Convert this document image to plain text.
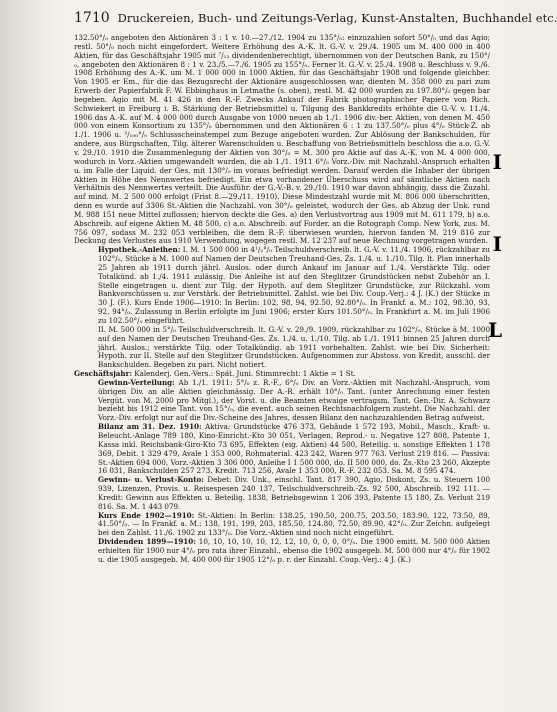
I
I
L
1710 Druckereien, Buch- und Zeitungs-Verlag, Kunst-Anstalten, Buchhandel etc.

132.50°/₀ angeboten den Aktionären 3 : 1 v. 10.—27./12. 1904 zu 135°/₀: einzuzahlen sofort 50°/₀ und das Agio; restl. 50°/₀ noch nicht eingefordert. Weitere Erhöhung des A.-K. lt. G.-V. v. 29./4. 1905 um M. 400 000 in 400 Aktien, für das Geschäftsjahr 1905 mit ⁷/₁₂ dividendenberechtigt, übernommen von der Deutschen Bank, zu 150°/₀, angeboten den Aktionären 8 : 1 v. 23./5.—7./6. 1905 zu 155°/₀. Ferner lt. G.-V. v. 25./4. 1908 u. Beschluss v. 9./6. 1908 Erhöhung des A.-K. um M. 1 000 000 in 1000 Aktien, für das Geschäftsjahr 1908 und folgende gleichber. Von 1905 er Em., für die das Bezugsrecht der Aktionäre ausgeschlossen war, dienten M. 358 000 zu pari zum Erwerb der Papierfabrik F. W. Ebbinghaus in Letmathe (s. oben), restl. M. 42 000 wurden zu 197.80°/₀ gegen bar begeben. Agio mit M. 41 426 in den R.-F. Zwecks Ankauf der Fabrik photographischer Papiere von Rich. Schwiekert in Freiburg i. B. Stärkung der Betriebsmittel u. Tilgung des Bankkredits erhöhte die G.-V. v. 11./4. 1906 das A.-K. auf M. 4 000 000 durch Ausgabe von 1000 neuen ab 1./1. 1906 div.-ber. Aktien, von denen M. 450 000 von einem Konsortium zu 135°/₀ übernommen und den Aktionären 6 : 1 zu 137.50°/₀ plus 4°/₀ Stück-Z. ab 1./1. 1906 u. ³/₁₀₀°/₀ Schlussscheinstempel zum Bezuge angeboten wurden. Zur Ablösung der Bankschulden, für andere, aus Bürgschaften, Tilg. älterer Warenschulden u. Beschaffung von Betriebsmitteln beschloss die a.o. G.-V. v. 29./10. 1910 die Zusammenlegung der Aktien von 30°/₀ = M. 300 pro Aktie auf das A.-K. von M. 4 000 000, wodurch in Vorz.-Aktien umgewandelt wurden, die ab 1./1. 1911 6°/₀ Vorz.-Div. mit Nachzahl.-Anspruch erhalten u. im Falle der Liquid. der Ges. mit 130°/₀ im voraus befriedigt werden. Darauf werden die Inhaber der übrigen Aktien in Höhe des Nennwertes befriedigt. Ein etwa vorhandener Überschuss wird auf sämtliche Aktien nach Verhältnis des Nennwertes verteilt. Die Ausführ. der G.-V.-B. v. 29./10. 1910 war davon abhängig, dass die Zuzahl. auf mind. M. 2 500 000 erfolgt (Frist 8.—29./11. 1910). Diese Mindestzahl wurde mit M. 806 000 überschritten, denn es wurde auf 3306 St.-Aktien die Nachzahl. von 30°/₀ geleistet, wodurch der Ges. ab Abzug der Unk. rund M. 988 151 neue Mittel zuflossen; hiervon deckte die Ges. a) den Verlustvortrag aus 1909 mit M. 611 179, b) a.o. Abschreib. auf eigene Aktien M. 48 500, c) a.o. Abschreib. auf Forder. an die Rotograph Comp. New York, zus. M. 756 097, sodass M. 232 053 verbleiben, die dem R.-F. überwiesen wurden, hiervon fanden M. 219 816 zur Deckung des Verlustes aus 1910 Verwendung, wogegen restl. M. 12 237 auf neue Rechnung vorgetragen wurden.

Hypothek.-Anleihen: I. M. 1 500 000 in 4¹/₂°/₀ Teilschuldverschreib. lt. G.-V. v. 11./4. 1906, rückzahlbar zu 102°/₀, Stücke à M. 1000 auf Namen der Deutschen Treuhand-Ges. Zs. 1./4. u. 1./10. Tilg. lt. Plan innerhalb 25 Jahren ab 1911 durch jährl. Auslos. oder durch Ankauf im Januar auf 1./4. Verstärkte Tilg. oder Totalkünd. ab 1./4. 1911 zulässig. Die Anleihe ist auf den Steglitzer Grundstücken nebst Zubehör an I. Stelle eingetragen u. dient zur Tilg. der Hypoth. auf dem Steglitzer Grundstücke, zur Rückzahl. vom Bankvorschüssen u. zur Verstärk. der Betriebsmittel. Zahlst. wie bei Div. Coup.-Verj.: 4 J. (K.) der Stücke in 30 J. (F.). Kurs Ende 1906—1910: In Berlin: 102, 98, 94, 92.50, 92.80°/₀. In Frankf. a. M.: 102, 98.30, 93, 92, 94°/₀. Zulassung in Berlin erfolgte im Juni 1906; erster Kurs 101.50°/₀. In Frankfurt a. M. im Juli 1906 zu 102.50°/₀ eingeführt.

II. M. 500 000 in 5°/₀ Teilschuldverschreib. lt. G.-V. v. 29./9. 1909, rückzahlbar zu 102°/₀, Stücke à M. 1000 auf den Namen der Deutschen Treuhand-Ges. Zs. 1./4. u. 1./10. Tilg. ab 1./1. 1911 binnen 25 Jahren durch jährl. Auslos.; verstärkte Tilg. oder Totalkündig. ab 1911 vorbehalten. Zahlst. wie bei Div. Sicherheit: Hypoth. zur II. Stelle auf den Steglitzer Grundstücken. Aufgenommen zur Abstoss. von Kredit, ausschl. der Bankschulden. Begeben zu pari. Nicht notiert.

Geschäftsjahr: Kalenderj. Gen.-Vers.: Spät. Juni. Stimmrecht: 1 Aktie = 1 St.

Gewinn-Verteilung: Ab 1./1. 1911: 5°/₀ z. R.-F., 6°/₀ Div. an Vorz.-Aktien mit Nachzahl.-Anspruch, vom übrigen Div. an alle Aktien gleichmässig. Der A.-R. erhält 10°/₀ Tant. (unter Anrechnung einer festen Vergüt. von M. 2000 pro Mitgl.), der Vorst. u. die Beamten etwaige vertragsm. Tant. Gen.-Dir. A. Schwarz bezieht bis 1912 eine Tant. von 15°/₀, die event. auch seinen Rechtsnachfolgern zusteht. Die Nachzahl. der Vorz.-Div. erfolgt nur auf die Div.-Scheine des Jahres, dessen Bilanz den nachzuzahlenden Betrag aufweist.

Bilanz am 31. Dez. 1910: Aktiva: Grundstücke 476 373, Gebäude 1 572 193, Mobil., Masch., Kraft- u. Beleucht.-Anlage 789 180, Kino-Einricht.-Kto 30 051, Verlagen, Reprod.- u. Negative 127 808, Patente 1, Kassa inkl. Reichsbank-Giro-Kto 73 695, Effekten (eig. Aktien) 44 500, Beteilig. u. sonstige Effekten 1 178 369, Debit. 1 329 479, Avale 1 353 000, Rohmaterial. 423 242, Waren 977 763. Verlust 219 816. — Passiva: St.-Aktien 694 000, Vorz.-Aktien 3 306 000, Anleihe I 1 500 000, do. II 500 000, do. Zs.-Kto 23 260, Akzepte 16 031, Bankschulden 257 273, Kredit. 713 256, Avale 1 353 000, R.-F. 232 053. Sa. M. 8 595 474.

Gewinn- u. Verlust-Konto: Debet: Div. Unk., einschl. Tant. 817 390, Agio, Diskont, Zs. u. Steuern 100 939, Lizenzen, Provis. u. Reisespesen 240 137, Teilschuldverschreib.-Zs. 92 500, Abschreib. 192 111. — Kredit: Gewinn aus Effekten u. Beteilig. 1838, Betriebsgewinn 1 206 393, Patente 15 180, Zs. Verlust 219 816. Sa. M. 1 443 079.

Kurs Ende 1902—1910: St.-Aktien: In Berlin: 138.25, 190.50, 200.75, 203.50, 183.90, 122, 73.50, 89, 41.50°/₀. — In Frankf. a. M.: 138, 191, 199, 203, 185.50, 124.80, 72.50, 89.90, 42°/₀. Zur Zeichn. aufgelegt bei den Zahlst. 11./6. 1902 zu 133°/₀. Die Vorz.-Aktien sind noch nicht eingeführt.

Dividenden 1899—1910: 10, 10, 10, 10, 10, 12, 12, 10, 0, 0, 0, 0°/₀. Die 1900 emitt. M. 500 000 Aktien erhielten für 1900 nur 4°/₀ pro rata ihrer Einzahl., ebenso die 1902 ausgegeb. M. 500 000 nur 4°/₀ für 1902 u. die 1905 ausgegeb. M. 400 000 für 1905 12°/₀ p. r. der Einzahl. Coup.-Verj.: 4 J. (K.)
